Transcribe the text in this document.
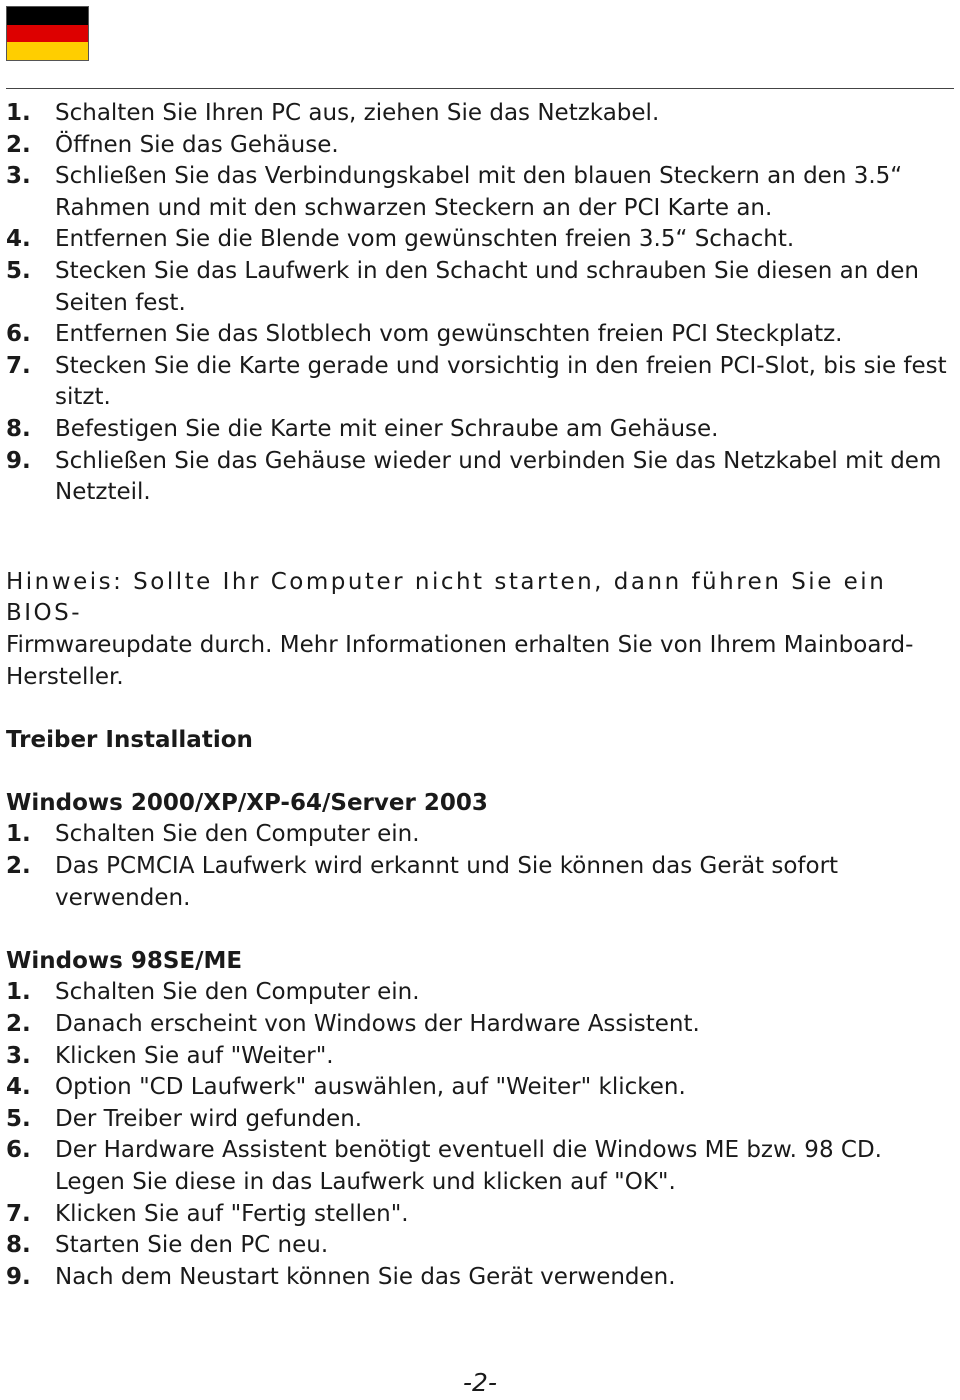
1.	Schalten Sie Ihren PC aus, ziehen Sie das Netzkabel.
2.	Öffnen Sie das Gehäuse.
3.	Schließen Sie das Verbindungskabel mit den blauen Steckern an den 3.5“ Rahmen und mit den schwarzen Steckern an der PCI Karte an.
4.	Entfernen Sie die Blende vom gewünschten freien 3.5“ Schacht.
5.	Stecken Sie das Laufwerk in den Schacht und schrauben Sie diesen an den Seiten fest.
6.	Entfernen Sie das Slotblech vom gewünschten freien PCI Steckplatz.
7.	Stecken Sie die Karte gerade und vorsichtig in den freien PCI-Slot, bis sie fest sitzt.
8.	Befestigen Sie die Karte mit einer Schraube am Gehäuse.
9.	Schließen Sie das Gehäuse wieder und verbinden Sie das Netzkabel mit dem Netzteil.
Hinweis: Sollte Ihr Computer nicht starten, dann führen Sie ein BIOS-
Firmwareupdate durch. Mehr Informationen erhalten Sie von Ihrem Mainboard-Hersteller.
Treiber Installation
Windows 2000/XP/XP-64/Server 2003
1.	Schalten Sie den Computer ein.
2.	Das PCMCIA Laufwerk wird erkannt und Sie können das Gerät sofort verwenden.
Windows 98SE/ME
1.	Schalten Sie den Computer ein.
2.	Danach erscheint von Windows der Hardware Assistent.
3.	Klicken Sie auf "Weiter".
4.	Option "CD Laufwerk" auswählen, auf "Weiter" klicken.
5.	Der Treiber wird gefunden.
6.	Der Hardware Assistent benötigt eventuell die Windows ME bzw. 98 CD. Legen Sie diese in das Laufwerk und klicken auf "OK".
7.	Klicken Sie auf "Fertig stellen".
8.	Starten Sie den PC neu.
9.	Nach dem Neustart können Sie das Gerät verwenden.
-2-
